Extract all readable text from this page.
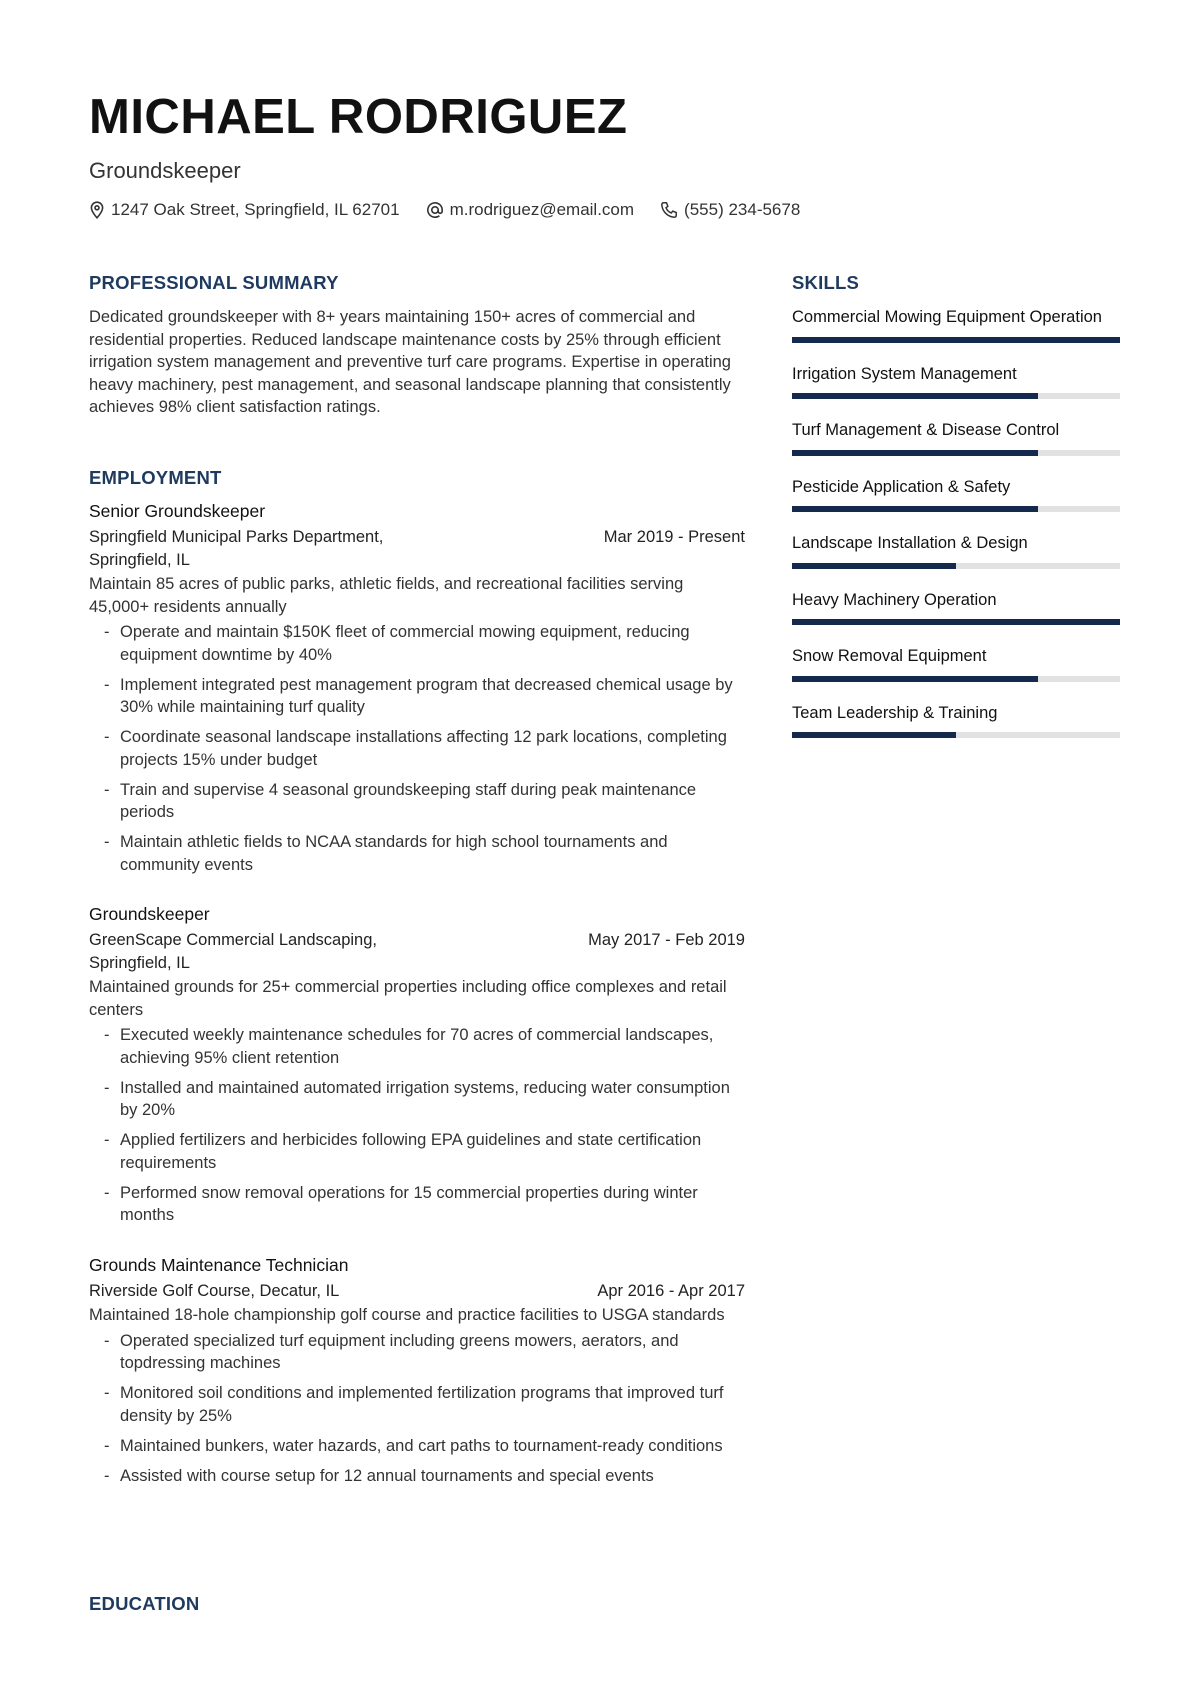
MICHAEL RODRIGUEZ
Groundskeeper
1247 Oak Street, Springfield, IL 62701	m.rodriguez@email.com	(555) 234-5678
PROFESSIONAL SUMMARY

Dedicated groundskeeper with 8+ years maintaining 150+ acres of commercial and residential properties. Reduced landscape maintenance costs by 25% through efficient irrigation system management and preventive turf care programs. Expertise in operating heavy machinery, pest management, and seasonal landscape planning that consistently achieves 98% client satisfaction ratings.

EMPLOYMENT
Senior Groundskeeper
Springfield Municipal Parks Department, Springfield, IL
Mar 2019 - Present
Maintain 85 acres of public parks, athletic fields, and recreational facilities serving 45,000+ residents annually
- Operate and maintain $150K fleet of commercial mowing equipment, reducing equipment downtime by 40%
- Implement integrated pest management program that decreased chemical usage by 30% while maintaining turf quality
- Coordinate seasonal landscape installations affecting 12 park locations, completing projects 15% under budget
- Train and supervise 4 seasonal groundskeeping staff during peak maintenance periods
- Maintain athletic fields to NCAA standards for high school tournaments and community events
Groundskeeper
GreenScape Commercial Landscaping, Springfield, IL
May 2017 - Feb 2019
Maintained grounds for 25+ commercial properties including office complexes and retail centers
- Executed weekly maintenance schedules for 70 acres of commercial landscapes, achieving 95% client retention
- Installed and maintained automated irrigation systems, reducing water consumption by 20%
- Applied fertilizers and herbicides following EPA guidelines and state certification requirements
- Performed snow removal operations for 15 commercial properties during winter months
Grounds Maintenance Technician
Riverside Golf Course, Decatur, IL	Apr 2016 - Apr 2017
Maintained 18-hole championship golf course and practice facilities to USGA standards
- Operated specialized turf equipment including greens mowers, aerators, and topdressing machines
- Monitored soil conditions and implemented fertilization programs that improved turf density by 25%
- Maintained bunkers, water hazards, and cart paths to tournament-ready conditions
- Assisted with course setup for 12 annual tournaments and special events
EDUCATION
SKILLS
Commercial Mowing Equipment Operation
Irrigation System Management
Turf Management & Disease Control
Pesticide Application & Safety
Landscape Installation & Design
Heavy Machinery Operation
Snow Removal Equipment
Team Leadership & Training
